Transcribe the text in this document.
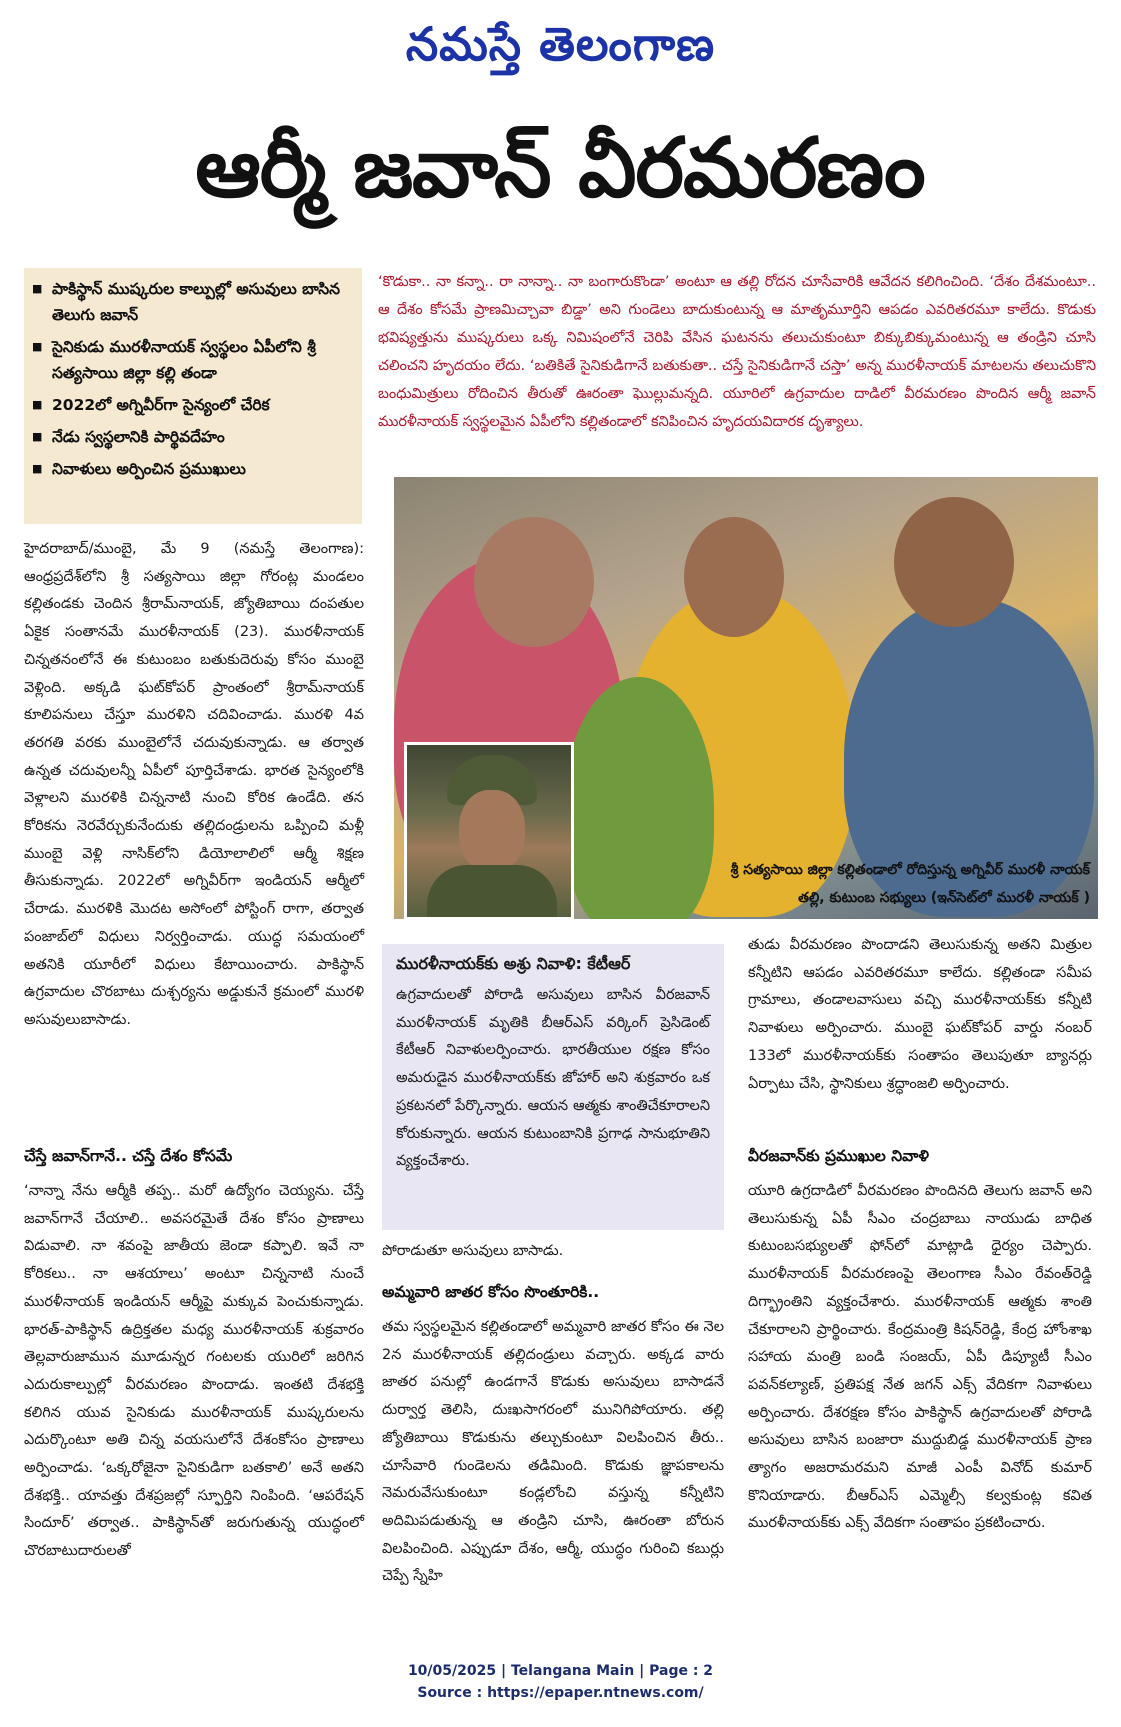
నమస్తే తెలంగాణ
ఆర్మీ జవాన్ వీరమరణం
■ పాకిస్థాన్ ముష్కరుల కాల్పుల్లో అసువులు బాసిన తెలుగు జవాన్
■ సైనికుడు మురళీనాయక్ స్వస్థలం ఏపీలోని శ్రీ సత్యసాయి జిల్లా కల్లి తండా
■ 2022లో అగ్నివీర్‌గా సైన్యంలో చేరిక
■ నేడు స్వస్థలానికి పార్థివదేహం
■ నివాళులు అర్పించిన ప్రముఖులు
‘కొడుకా.. నా కన్నా.. రా నాన్నా.. నా బంగారుకొండా’ అంటూ ఆ తల్లి రోదన చూసేవారికి ఆవేదన కలిగించింది. ‘దేశం దేశమంటూ.. ఆ దేశం కోసమే ప్రాణమిచ్చావా బిడ్డా’ అని గుండెలు బాదుకుంటున్న ఆ మాతృమూర్తిని ఆపడం ఎవరితరమూ కాలేదు. కొడుకు భవిష్యత్తును ముష్కరులు ఒక్క నిమిషంలోనే చెరిపి వేసిన ఘటనను తలుచుకుంటూ బిక్కుబిక్కుమంటున్న ఆ తండ్రిని చూసి చలించని హృదయం లేదు. ‘బతికితే సైనికుడిగానే బతుకుతా.. చస్తే సైనికుడిగానే చస్తా’ అన్న మురళీనాయక్ మాటలను తలుచుకొని బంధుమిత్రులు రోదించిన తీరుతో ఊరంతా ఘొల్లుమన్నది. యూరిలో ఉగ్రవాదుల దాడిలో వీరమరణం పొందిన ఆర్మీ జవాన్ మురళీనాయక్ స్వస్థలమైన ఏపీలోని కల్లితండాలో కనిపించిన హృదయవిదారక దృశ్యాలు.
శ్రీ సత్యసాయి జిల్లా కల్లితండాలో రోదిస్తున్న అగ్నివీర్ మురళీ నాయక్
తల్లి, కుటుంబ సభ్యులు (ఇన్‌సెట్‌లో మురళీ నాయక్ )
హైదరాబాద్/ముంబై, మే 9 (నమస్తే తెలంగాణ): ఆంధ్రప్రదేశ్‌లోని శ్రీ సత్యసాయి జిల్లా గోరంట్ల మండలం కల్లితండకు చెందిన శ్రీరామ్‌నాయక్, జ్యోతిబాయి దంపతుల ఏకైక సంతానమే మురళీనాయక్ (23). మురళీనాయక్ చిన్నతనంలోనే ఈ కుటుంబం బతుకుదెరువు కోసం ముంబై వెళ్లింది. అక్కడి ఘట్‌కోపర్ ప్రాంతంలో శ్రీరామ్‌నాయక్ కూలిపనులు చేస్తూ మురళిని చదివించాడు. మురళి 4వ తరగతి వరకు ముంబైలోనే చదువుకున్నాడు. ఆ తర్వాత ఉన్నత చదువులన్నీ ఏపీలో పూర్తిచేశాడు. భారత సైన్యంలోకి వెళ్లాలని మురళికి చిన్ననాటి నుంచి కోరిక ఉండేది. తన కోరికను నెరవేర్చుకునేందుకు తల్లిదండ్రులను ఒప్పించి మళ్లీ ముంబై వెళ్లి నాసిక్‌లోని డియోలాలిలో ఆర్మీ శిక్షణ తీసుకున్నాడు. 2022లో అగ్నివీర్‌గా ఇండియన్ ఆర్మీలో చేరాడు. మురళికి మొదట అసోంలో పోస్టింగ్ రాగా, తర్వాత పంజాబ్‌లో విధులు నిర్వర్తించాడు. యుద్ధ సమయంలో అతనికి యూరీలో విధులు కేటాయించారు. పాకిస్థాన్ ఉగ్రవాదుల చొరబాటు దుశ్చర్యను అడ్డుకునే క్రమంలో మురళి అసువులుబాసాడు.
చేస్తే జవాన్‌గానే.. చస్తే దేశం కోసమే
‘నాన్నా నేను ఆర్మీకి తప్ప.. మరో ఉద్యోగం చెయ్యను. చేస్తే జవాన్‌గానే చేయాలి.. అవసరమైతే దేశం కోసం ప్రాణాలు విడువాలి. నా శవంపై జాతీయ జెండా కప్పాలి. ఇవే నా కోరికలు.. నా ఆశయాలు’ అంటూ చిన్ననాటి నుంచే మురళీనాయక్ ఇండియన్ ఆర్మీపై మక్కువ పెంచుకున్నాడు. భారత్-పాకిస్థాన్ ఉద్రిక్తతల మధ్య మురళీనాయక్ శుక్రవారం తెల్లవారుజామున మూడున్నర గంటలకు యురిలో జరిగిన ఎదురుకాల్పుల్లో వీరమరణం పొందాడు. ఇంతటి దేశభక్తి కలిగిన యువ సైనికుడు మురళీనాయక్ ముష్కరులను ఎదుర్కొంటూ అతి చిన్న వయసులోనే దేశంకోసం ప్రాణాలు అర్పించాడు. ‘ఒక్కరోజైనా సైనికుడిగా బతకాలి’ అనే అతని దేశభక్తి.. యావత్తు దేశప్రజల్లో స్ఫూర్తిని నింపింది. ‘ఆపరేషన్ సిందూర్’ తర్వాత.. పాకిస్థాన్‌తో జరుగుతున్న యుద్ధంలో చొరబాటుదారులతో
మురళీనాయక్‌కు అశ్రు నివాళి: కేటీఆర్
ఉగ్రవాదులతో పోరాడి అసువులు బాసిన వీరజవాన్ మురళీనాయక్ మృతికి బీఆర్‌ఎస్ వర్కింగ్ ప్రెసిడెంట్ కేటీఆర్ నివాళులర్పించారు. భారతీయుల రక్షణ కోసం అమరుడైన మురళీనాయక్‌కు జోహార్ అని శుక్రవారం ఒక ప్రకటనలో పేర్కొన్నారు. ఆయన ఆత్మకు శాంతిచేకూరాలని కోరుకున్నారు. ఆయన కుటుంబానికి ప్రగాఢ సానుభూతిని వ్యక్తంచేశారు.
పోరాడుతూ అసువులు బాసాడు.
అమ్మవారి జాతర కోసం సొంతూరికి..
తమ స్వస్థలమైన కల్లితండాలో అమ్మవారి జాతర కోసం ఈ నెల 2న మురళీనాయక్ తల్లిదండ్రులు వచ్చారు. అక్కడ వారు జాతర పనుల్లో ఉండగానే కొడుకు అసువులు బాసాడనే దుర్వార్త తెలిసి, దుఃఖసాగరంలో మునిగిపోయారు. తల్లి జ్యోతిబాయి కొడుకును తల్చుకుంటూ విలపించిన తీరు.. చూసేవారి గుండెలను తడిమింది. కొడుకు జ్ఞాపకాలను నెమరువేసుకుంటూ కండ్లలోంచి వస్తున్న కన్నీటిని అదిమిపడుతున్న ఆ తండ్రిని చూసి, ఊరంతా బోరున విలపించింది. ఎప్పుడూ దేశం, ఆర్మీ, యుద్ధం గురించి కబుర్లు చెప్పే స్నేహి
తుడు వీరమరణం పొందాడని తెలుసుకున్న అతని మిత్రుల కన్నీటిని ఆపడం ఎవరితరమూ కాలేదు. కల్లితండా సమీప గ్రామాలు, తండాలవాసులు వచ్చి మురళీనాయక్‌కు కన్నీటి నివాళులు అర్పించారు. ముంబై ఘట్‌కోపర్ వార్డు నంబర్ 133లో మురళీనాయక్‌కు సంతాపం తెలుపుతూ బ్యానర్లు ఏర్పాటు చేసి, స్థానికులు శ్రద్ధాంజలి అర్పించారు.
వీరజవాన్‌కు ప్రముఖుల నివాళి
యూరి ఉగ్రదాడిలో వీరమరణం పొందినది తెలుగు జవాన్ అని తెలుసుకున్న ఏపీ సీఎం చంద్రబాబు నాయుడు బాధిత కుటుంబసభ్యులతో ఫోన్‌లో మాట్లాడి ధైర్యం చెప్పారు. మురళీనాయక్ వీరమరణంపై తెలంగాణ సీఎం రేవంత్‌రెడ్డి దిగ్భ్రాంతిని వ్యక్తంచేశారు. మురళీనాయక్ ఆత్మకు శాంతి చేకూరాలని ప్రార్థించారు. కేంద్రమంత్రి కిషన్‌రెడ్డి, కేంద్ర హోంశాఖ సహాయ మంత్రి బండి సంజయ్, ఏపీ డిప్యూటీ సీఎం పవన్‌కల్యాణ్, ప్రతిపక్ష నేత జగన్ ఎక్స్ వేదికగా నివాళులు అర్పించారు. దేశరక్షణ కోసం పాకిస్థాన్ ఉగ్రవాదులతో పోరాడి అసువులు బాసిన బంజారా ముద్దుబిడ్డ మురళీనాయక్ ప్రాణ త్యాగం అజరామరమని మాజీ ఎంపీ వినోద్ కుమార్ కొనియాడారు. బీఆర్‌ఎస్ ఎమ్మెల్సీ కల్వకుంట్ల కవిత మురళీనాయక్‌కు ఎక్స్ వేదికగా సంతాపం ప్రకటించారు.
10/05/2025 | Telangana Main | Page : 2
Source : https://epaper.ntnews.com/
